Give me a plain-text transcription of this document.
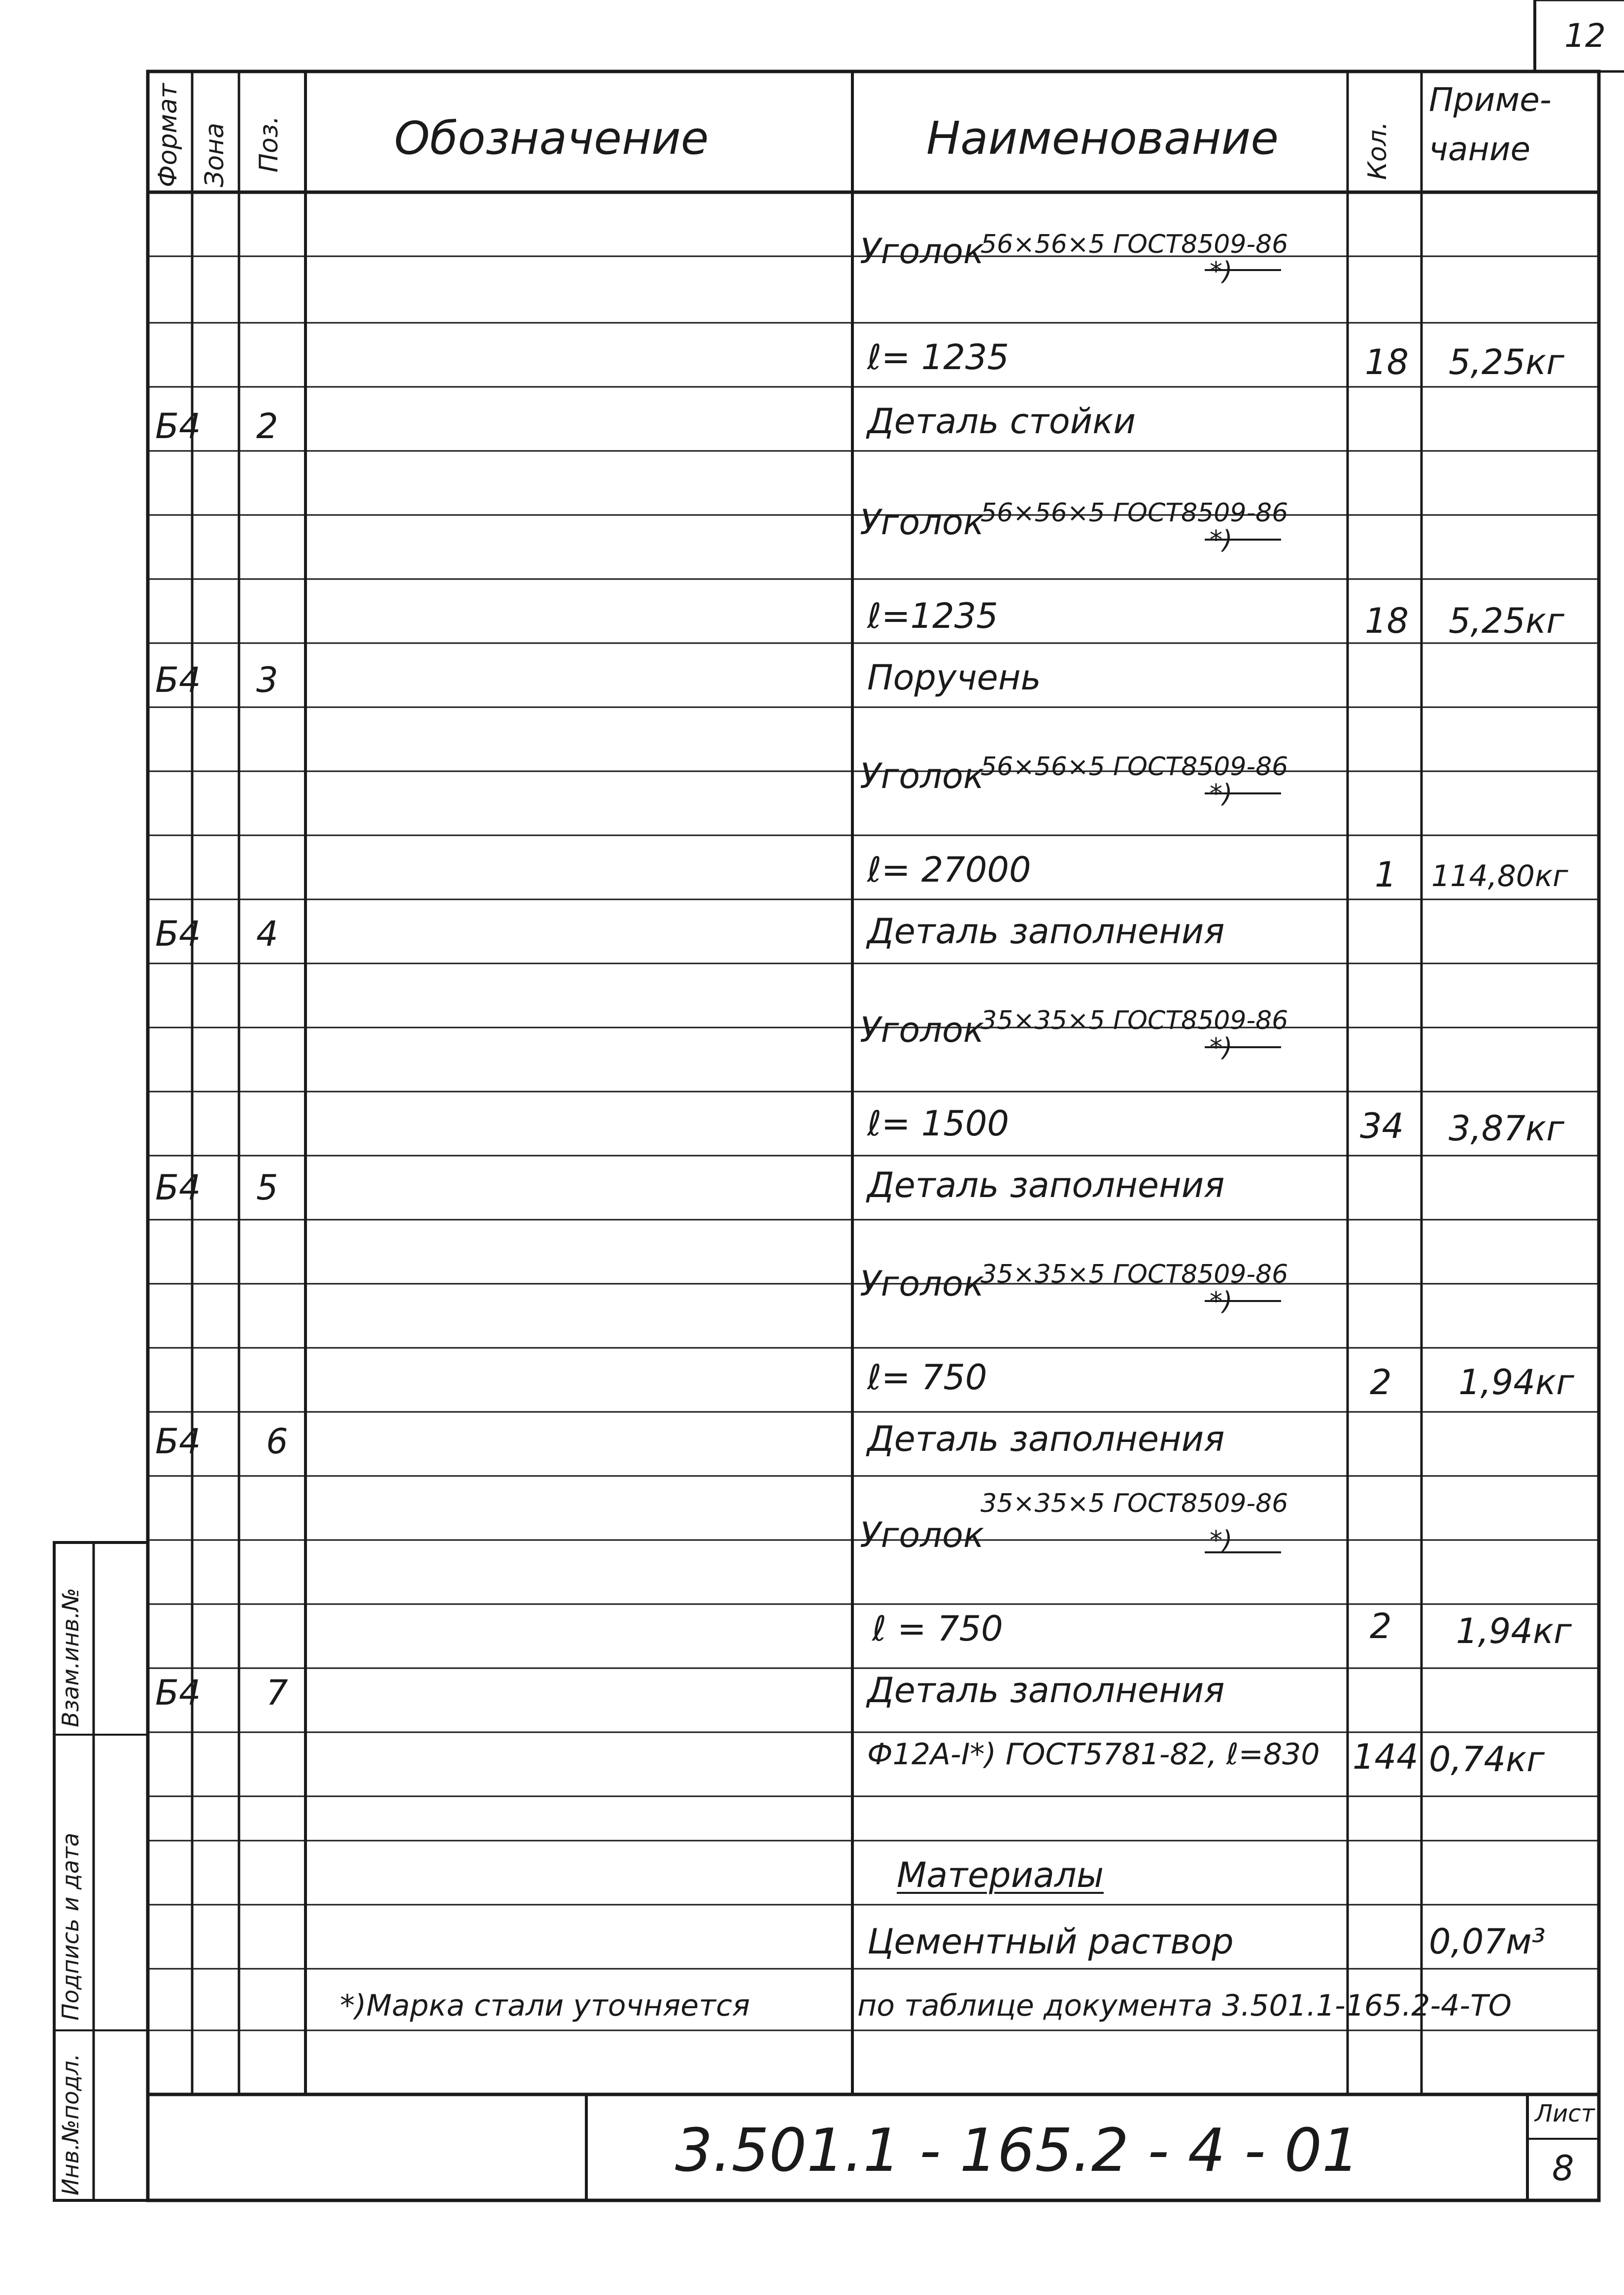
12
Формат Зона Поз. Обозначение	Наименование	Кол.
Приме-
чание
Уголок
56×56×5 ГОСТ8509-86
*)
ℓ= 1235	18 5,25кг
Б4 2	Деталь стойки
Уголок
56×56×5 ГОСТ8509-86
*)
ℓ=1235	18 5,25кг
Б4 3	Поручень
Уголок
56×56×5 ГОСТ8509-86
*)
ℓ= 27000	1 114,80кг
Б4 4	Деталь заполнения
Уголок
35×35×5 ГОСТ8509-86
*)
ℓ= 1500	34 3,87кг
Б4 5	Деталь заполнения
Уголок
35×35×5 ГОСТ8509-86
*)
ℓ= 750	2 1,94кг
Б4 6	Деталь заполнения
Уголок
35×35×5 ГОСТ8509-86
*)
ℓ = 750	2 1,94кг
Б4 7	Деталь заполнения
Ф12А-I*) ГОСТ5781-82, ℓ=830 144 0,74кг
Материалы
Цементный раствор	0,07м³
*)Марка стали уточняется	по таблице документа 3.501.1-165.2-4-ТО
3.501.1 - 165.2 - 4 - 01
Лист
8
Инв.№подл.
Подпись и дата
Взам.инв.№
